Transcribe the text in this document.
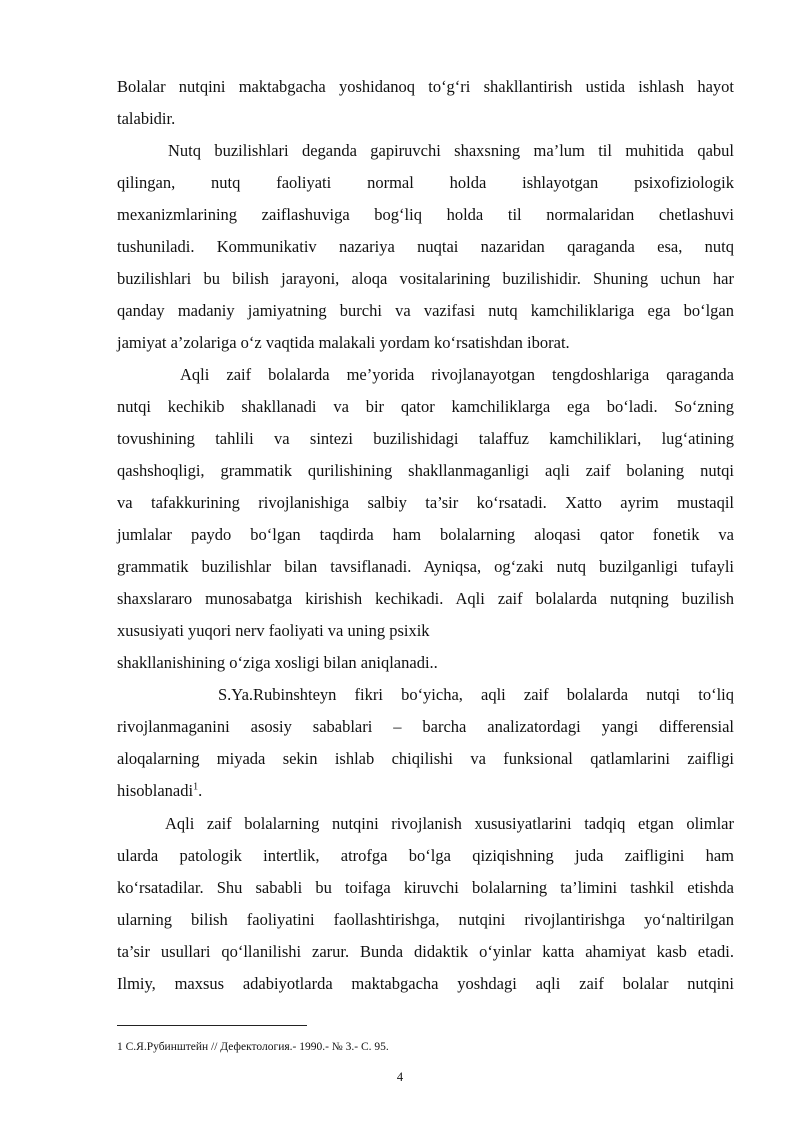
Bolalar nutqini maktabgacha yoshidanoq to‘g‘ri shakllantirish ustida ishlash hayot
talabidir.
Nutq buzilishlari deganda gapiruvchi shaxsning ma’lum til muhitida qabul
qilingan, nutq faoliyati normal holda ishlayotgan psixofiziologik
mexanizmlarining zaiflashuviga bog‘liq holda til normalaridan chetlashuvi
tushuniladi. Kommunikativ nazariya nuqtai nazaridan qaraganda esa, nutq
buzilishlari bu bilish jarayoni, aloqa vositalarining buzilishidir. Shuning uchun har
qanday madaniy jamiyatning burchi va vazifasi nutq kamchiliklariga ega bo‘lgan
jamiyat a’zolariga o‘z vaqtida malakali yordam ko‘rsatishdan iborat.
Aqli zaif bolalarda me’yorida rivojlanayotgan tengdoshlariga qaraganda
nutqi kechikib shakllanadi va bir qator kamchiliklarga ega bo‘ladi. So‘zning
tovushining tahlili va sintezi buzilishidagi talaffuz kamchiliklari, lug‘atining
qashshoqligi, grammatik qurilishining shakllanmaganligi aqli zaif bolaning nutqi
va tafakkurining rivojlanishiga salbiy ta’sir ko‘rsatadi. Xatto ayrim mustaqil
jumlalar paydo bo‘lgan taqdirda ham bolalarning aloqasi qator fonetik va
grammatik buzilishlar bilan tavsiflanadi. Ayniqsa, og‘zaki nutq buzilganligi tufayli
shaxslararo munosabatga kirishish kechikadi. Aqli zaif bolalarda nutqning buzilish
xususiyati yuqori nerv faoliyati va uning psixik
shakllanishining o‘ziga xosligi bilan aniqlanadi..
S.Ya.Rubinshteyn fikri bo‘yicha, aqli zaif bolalarda nutqi to‘liq
rivojlanmaganini asosiy sabablari – barcha analizatordagi yangi differensial
aloqalarning miyada sekin ishlab chiqilishi va funksional qatlamlarini zaifligi
hisoblanadi$^1$.
Aqli zaif bolalarning nutqini rivojlanish xususiyatlarini tadqiq etgan olimlar
ularda patologik intertlik, atrofga bo‘lga qiziqishning juda zaifligini ham
ko‘rsatadilar. Shu sababli bu toifaga kiruvchi bolalarning ta’limini tashkil etishda
ularning bilish faoliyatini faollashtirishga, nutqini rivojlantirishga yo‘naltirilgan
ta’sir usullari qo‘llanilishi zarur. Bunda didaktik o‘yinlar katta ahamiyat kasb etadi.
Ilmiy, maxsus adabiyotlarda maktabgacha yoshdagi aqli zaif bolalar nutqini
1 С.Я.Рубинштейн // Дефектология.- 1990.- № 3.- С. 95.
4
